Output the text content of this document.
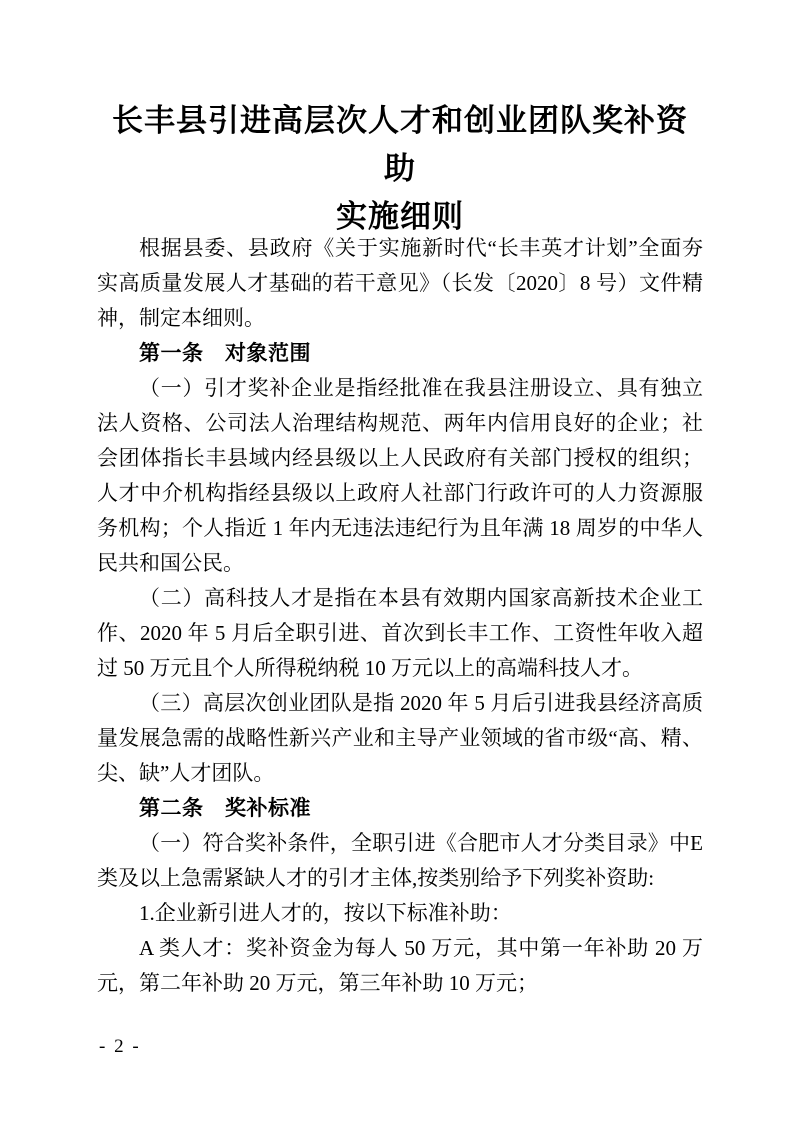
长丰县引进高层次人才和创业团队奖补资助
实施细则

根据县委、县政府《关于实施新时代“长丰英才计划”全面夯实高质量发展人才基础的若干意见》（长发〔2020〕8 号）文件精神，制定本细则。

第一条　对象范围

（一）引才奖补企业是指经批准在我县注册设立、具有独立法人资格、公司法人治理结构规范、两年内信用良好的企业；社会团体指长丰县域内经县级以上人民政府有关部门授权的组织；人才中介机构指经县级以上政府人社部门行政许可的人力资源服务机构；个人指近 1 年内无违法违纪行为且年满 18 周岁的中华人民共和国公民。

（二）高科技人才是指在本县有效期内国家高新技术企业工作、2020 年 5 月后全职引进、首次到长丰工作、工资性年收入超过 50 万元且个人所得税纳税 10 万元以上的高端科技人才。

（三）高层次创业团队是指 2020 年 5 月后引进我县经济高质量发展急需的战略性新兴产业和主导产业领域的省市级“高、精、尖、缺”人才团队。

第二条　奖补标准

（一）符合奖补条件，全职引进《合肥市人才分类目录》中E 类及以上急需紧缺人才的引才主体,按类别给予下列奖补资助:

1.企业新引进人才的，按以下标准补助：

A 类人才：奖补资金为每人 50 万元，其中第一年补助 20 万元，第二年补助 20 万元，第三年补助 10 万元；

- 2 -
